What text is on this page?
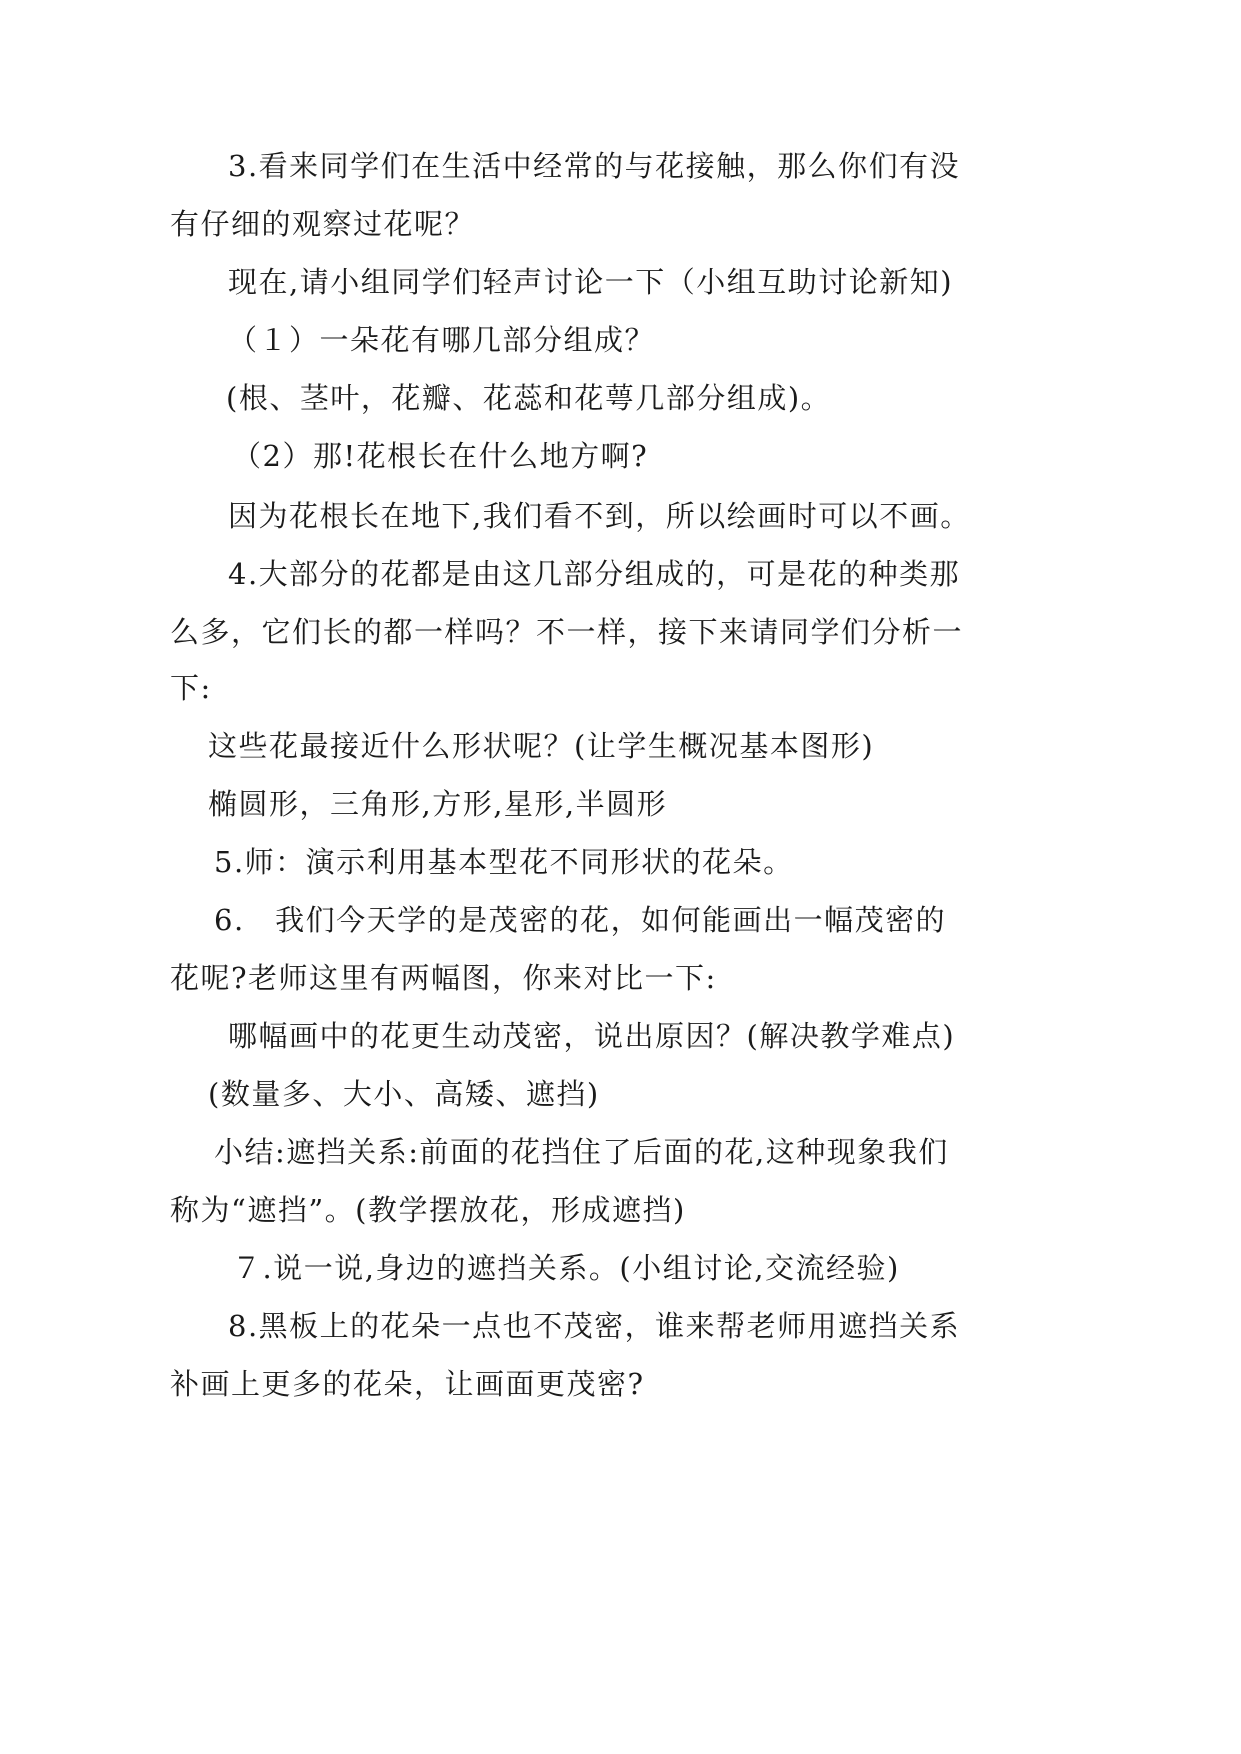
3.看来同学们在生活中经常的与花接触，那么你们有没
有仔细的观察过花呢？
现在,请小组同学们轻声讨论一下（小组互助讨论新知)
（１）一朵花有哪几部分组成？
(根、茎叶，花瓣、花蕊和花萼几部分组成)。
（2）那!花根长在什么地方啊?
因为花根长在地下,我们看不到，所以绘画时可以不画。
4.大部分的花都是由这几部分组成的，可是花的种类那
么多，它们长的都一样吗？不一样，接下来请同学们分析一
下:
这些花最接近什么形状呢？(让学生概况基本图形)
椭圆形，三角形,方形,星形,半圆形
5.师：演示利用基本型花不同形状的花朵。
6.　我们今天学的是茂密的花，如何能画出一幅茂密的
花呢?老师这里有两幅图，你来对比一下:
哪幅画中的花更生动茂密，说出原因？(解决教学难点)
(数量多、大小、高矮、遮挡)
小结:遮挡关系:前面的花挡住了后面的花,这种现象我们
称为“遮挡”。(教学摆放花，形成遮挡)
７.说一说,身边的遮挡关系。(小组讨论,交流经验)
8.黑板上的花朵一点也不茂密，谁来帮老师用遮挡关系
补画上更多的花朵，让画面更茂密?
